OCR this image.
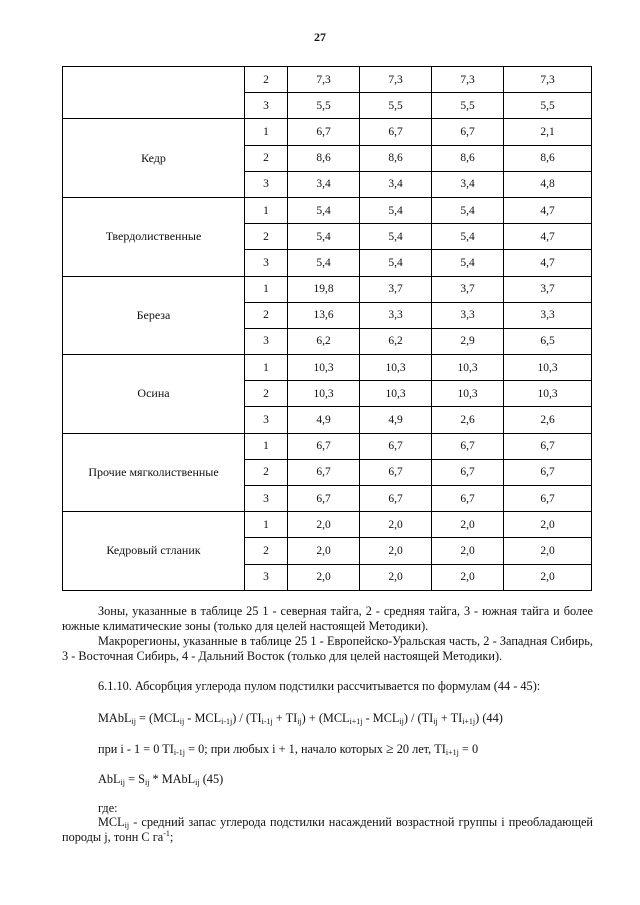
27
	2	7,3	7,3	7,3	7,3
	3	5,5	5,5	5,5	5,5
Кедр	1	6,7	6,7	6,7	2,1
	2	8,6	8,6	8,6	8,6
	3	3,4	3,4	3,4	4,8
Твердолиственные	1	5,4	5,4	5,4	4,7
	2	5,4	5,4	5,4	4,7
	3	5,4	5,4	5,4	4,7
Береза	1	19,8	3,7	3,7	3,7
	2	13,6	3,3	3,3	3,3
	3	6,2	6,2	2,9	6,5
Осина	1	10,3	10,3	10,3	10,3
	2	10,3	10,3	10,3	10,3
	3	4,9	4,9	2,6	2,6
Прочие мягколиственные	1	6,7	6,7	6,7	6,7
	2	6,7	6,7	6,7	6,7
	3	6,7	6,7	6,7	6,7
Кедровый стланик	1	2,0	2,0	2,0	2,0
	2	2,0	2,0	2,0	2,0
	3	2,0	2,0	2,0	2,0
Зоны, указанные в таблице 25 1 - северная тайга, 2 - средняя тайга, 3 - южная тайга и более южные климатические зоны (только для целей настоящей Методики).
Макрорегионы, указанные в таблице 25 1 - Европейско-Уральская часть, 2 - Западная Сибирь, 3 - Восточная Сибирь, 4 - Дальний Восток (только для целей настоящей Методики).
6.1.10. Абсорбция углерода пулом подстилки рассчитывается по формулам (44 - 45):
MAbL$_{ij}$ = $(MCL_{ij} - MCL_{i-1j}) / (TI_{i-1j} + TI_{ij}) + (MCL_{i+1j} - MCL_{ij}) / (TI_{ij} + TI_{i+1j})$ (44)
при i - 1 = 0 $TI_{i-1j} = 0$; при любых i + 1, начало которых ≥ 20 лет, $TI_{i+1j} = 0$
$AbL_{ij} = S_{ij}$ * MAbL$_{ij}$ (45)
где:
$MCL_{ij}$ - средний запас углерода подстилки насаждений возрастной группы i преобладающей породы j, тонн С $га^{-1}$;
